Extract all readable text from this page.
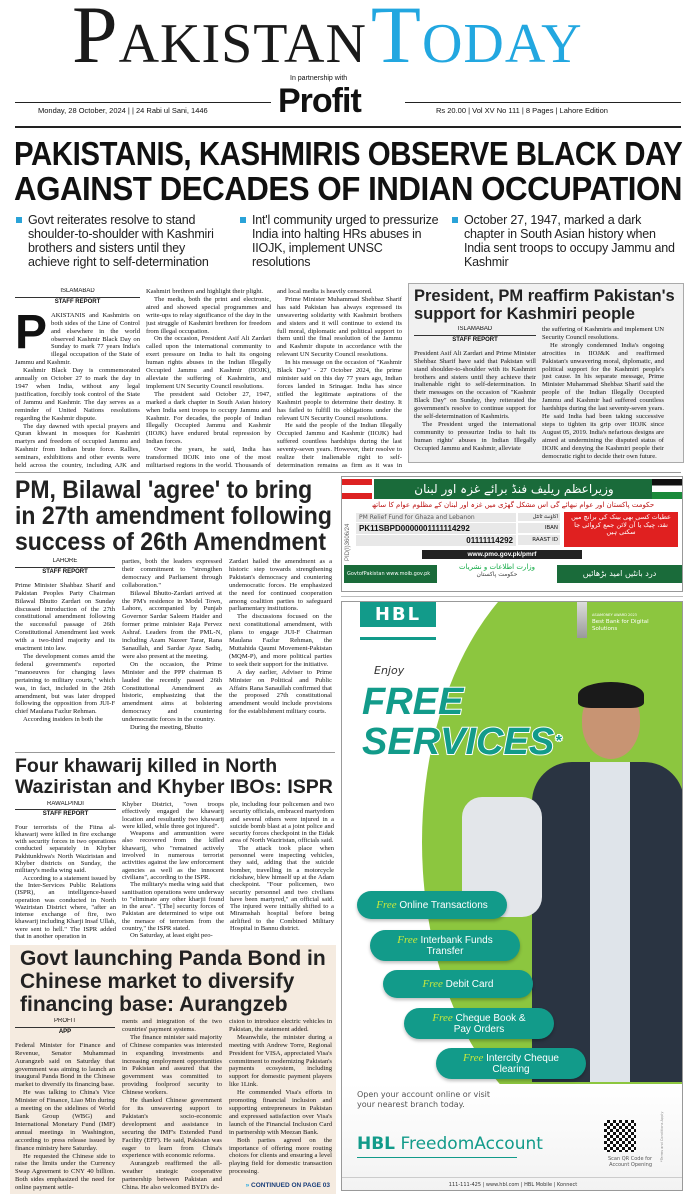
PAKISTAN TODAY
In partnership with
Profit
Monday, 28 October, 2024 | | 24 Rabi ul Sani, 1446	Rs 20.00 | Vol XV No 111 | 8 Pages | Lahore Edition
PAKISTANIS, KASHMIRIS OBSERVE BLACK DAY
AGAINST DECADES OF INDIAN OCCUPATION
Govt reiterates resolve to stand shoulder-to-shoulder with Kashmiri brothers and sisters until they achieve right to self-determination
Int'l community urged to pressurize India into halting HRs abuses in IIOJK, implement UNSC resolutions
October 27, 1947, marked a dark chapter in South Asian history when India sent troops to occupy Jammu and Kashmir
ISLAMABAD
STAFF REPORT
P AKISTANIS and Kashmiris on both sides of the Line of Control and elsewhere in the world observed Kashmir Black Day on Sunday to mark 77 years India's illegal occupation of the State of Jammu and Kashmir.

Kashmir Black Day is commemorated annually on October 27 to mark the day in 1947 when India, without any legal justification, forcibly took control of the State of Jammu and Kashmir. The day serves as a reminder of United Nations resolutions regarding the Kashmir dispute.

The day dawned with special prayers and Quran khwani in mosques for Kashmiri martyrs and freedom of occupied Jammu and Kashmir from Indian brute force. Rallies, seminars, exhibitions and other events were held across the country, including AJK and

Kashmiri brethren and highlight their plight.

The media, both the print and electronic, aired and showed special programmes and write-ups to relay significance of the day in the just struggle of Kashmiri brethren for freedom from illegal occupation.

On the occasion, President Asif Ali Zardari called upon the international community to exert pressure on India to halt its ongoing human rights abuses in the Indian Illegally Occupied Jammu and Kashmir (IIOJK), alleviate the suffering of Kashmiris, and implement UN Security Council resolutions.

The president said October 27, 1947, marked a dark chapter in South Asian history when India sent troops to occupy Jammu and Kashmir. For decades, the people of Indian Illegally Occupied Jammu and Kashmir (IIOJK) have endured brutal repression by Indian forces.

Over the years, he said, India has transformed IIOJK into one of the most militarised regions in the world. Thousands of

and local media is heavily censored.

Prime Minister Muhammad Shehbaz Sharif has said Pakistan has always expressed its unwavering solidarity with Kashmiri brothers and sisters and it will continue to extend its full moral, diplomatic and political support to them until the final resolution of the Jammu and Kashmir dispute in accordance with the relevant UN Security Council resolutions.

In his message on the occasion of "Kashmir Black Day" - 27 October 2024, the prime minister said on this day 77 years ago, Indian forces landed in Srinagar. India has since stifled the legitimate aspirations of the Kashmiri people to determine their destiny. It has failed to fulfill its obligations under the relevant UN Security Council resolutions.

He said the people of the Indian Illegally Occupied Jammu and Kashmir (IIOJK) had suffered countless hardships during the last seventy-seven years. However, their resolve to realize their inalienable right to self-determination remains as firm as it was in

President, PM reaffirm Pakistan's support for Kashmiri people
ISLAMABAD
STAFF REPORT

President Asif Ali Zardari and Prime Minister Shehbaz Sharif have said that Pakistan will stand shoulder-to-shoulder with its Kashmiri brothers and sisters until they achieve their inalienable right to self-determination. In their messages on the occasion of "Kashmir Black Day" on Sunday, they reiterated the government's resolve to continue support for the self-determination of Kashmiris.

The President urged the international community to pressurize India to halt its human rights' abuses in Indian Illegally Occupied Jammu and Kashmir, alleviate

the suffering of Kashmiris and implement UN Security Council resolutions.

He strongly condemned India's ongoing atrocities in IIOJ&K and reaffirmed Pakistan's unwavering moral, diplomatic, and political support for the Kashmiri people's just cause. In his separate message, Prime Minister Muhammad Shehbaz Sharif said the people of the Indian Illegally Occupied Jammu and Kashmir had suffered countless hardships during the last seventy-seven years. He said India had been taking successive steps to tighten its grip over IIOJK since August 05, 2019. India's nefarious designs are aimed at undermining the disputed status of IIOJK and denying the Kashmiri people their democratic right to decide their own future.

PM, Bilawal 'agree' to bring in 27th amendment following success of 26th Amendment
LAHORE
STAFF REPORT

Prime Minister Shahbaz Sharif and Pakistan Peoples Party Chairman Bilawal Bhutto Zardari on Sunday discussed introduction of the 27th constitutional amendment following the successful passage of 26th Constitutional Amendment last week with a two-third majority and its enactment into law.

The development comes amid the federal government's reported "manoeuvres for changing laws pertaining to military courts," which was, in fact, included in the 26th amendment, but was later dropped following the opposition from JUI-F chief Maulana Fazlur Rehman.

According insiders in both the

parties, both the leaders expressed their commitment to "strengthen democracy and Parliament through collaboration."

Bilawal Bhutto-Zardari arrived at the PM's residence in Model Town, Lahore, accompanied by Punjab Governor Sardar Saleem Haider and former prime minister Raja Pervez Ashraf. Leaders from the PML-N, including Azam Nazeer Tarar, Rana Sanaullah, and Sardar Ayaz Sadiq, were also present at the meeting.

On the occasion, the Prime Minister and the PPP chairman B lauded the recently passed 26th Constitutional Amendment as historic, emphasizing that the amendment aims at bolstering democracy and countering undemocratic forces in the country.

During the meeting, Bhutto

Zardari hailed the amendment as a historic step towards strengthening Pakistan's democracy and countering undemocratic forces. He emphasized the need for continued cooperation among coalition parties to safeguard parliamentary institutions.

The discussions focused on the next constitutional amendment, with plans to engage JUI-F Chairman Maulana Fazlur Rehman, the Muttahida Qaumi Movement-Pakistan (MQM-P), and more political parties to seek their support for the initiative.

A day earlier, Adviser to Prime Minister on Political and Public Affairs Rana Sanaullah confirmed that the proposed 27th constitutional amendment would include provisions for the establishment military courts.

وزیراعظم ریلیف فنڈ برائے غزہ اور لبنان
حکومت پاکستان اور عوام نبھائے گی اس مشکل گھڑی میں غزہ اور لبنان کے مظلوم عوام کا ساتھ
PM Relief Fund for Ghaza and Lebanon	اکاؤنٹ ٹائٹل
PK11SBPD0000001111114292	IBAN
01111114292	RAAST ID
عطیات کسی بھی بینک کی برانچ میں نقد، چیک یا آن لائن جمع کروائی جا سکتی ہیں
www.pmo.gov.pk/pmrf
GovtofPakistan www.moib.gov.pk
وزارت اطلاعات و نشریات
حکومت پاکستان	درد بانٹیں امید بڑھائیں
PID(I)3606/24
HBL	ASIAMONEY AWARD 2023
Best Bank for Digital Solutions
Enjoy
FREE
SERVICES*
Free Online Transactions
Free Interbank Funds Transfer
Free Debit Card
Free Cheque Book & Pay Orders
Free Intercity Cheque Clearing
Open your account online or visit your nearest branch today.
HBL FreedomAccount
Scan QR Code for Account Opening
*Terms and Conditions Apply
111-111-425 | www.hbl.com | HBL Mobile | Konnect
Four khawarij killed in North Waziristan and Khyber IBOs: ISPR
RAWALPINDI
STAFF REPORT

Four terrorists of the Fitna al-khawarij were killed in fire exchange with security forces in two operations conducted separately in Khyber Pakhtunkhwa's North Waziristan and Khyber districts on Sunday, the military's media wing said.

According to a statement issued by the Inter-Services Public Relations (ISPR), an intelligence-based operation was conducted in North Waziristan District where, "after an intense exchange of fire, two khawarij including Kharji Insaf Ullah, were sent to hell." The ISPR added that in another operation in

Khyber District, "own troops effectively engaged the khawarij location and resultantly two khawarij were killed, while three got injured".

Weapons and ammunition were also recovered from the killed khawarij, who "remained actively involved in numerous terrorist activities against the law enforcement agencies as well as the innocent civilians", according to the ISPR.

The military's media wing said that sanitisation operations were underway to "eliminate any other kharjii found in the area". "[The] security forces of Pakistan are determined to wipe out the menace of terrorism from the country," the ISPR stated.

On Saturday, at least eight peo-

ple, including four policemen and two security officials, embraced martyrdom and several others were injured in a suicide bomb blast at a joint police and security forces checkpoint in the Eidak area of North Waziristan, officials said.

The attack took place when personnel were inspecting vehicles, they said, adding that the suicide bomber, travelling in a motorcycle rickshaw, blew himself up at the Adam checkpoint. "Four policemen, two security personnel and two civilians have been martyred," an official said. The injured were initially shifted to a Miramshah hospital before being airlifted to the Combined Military Hospital in Bannu district.

Govt launching Panda Bond in Chinese market to diversify financing base: Aurangzeb
PROFIT
APP

Federal Minister for Finance and Revenue, Senator Muhammad Aurangzeb said on Saturday that government was aiming to launch an inaugural Panda Bond in the Chinese market to diversify its financing base.

He was talking to China's Vice Minister of Finance, Liao Min during a meeting on the sidelines of World Bank Group (WBG) and International Monetary Fund (IMF) annual meetings in Washington, according to press release issued by finance ministry here Saturday.

He requested the Chinese side to raise the limits under the Currency Swap Agreement to CNY 40 billion. Both sides emphasized the need for online payment settle-

ments and integration of the two countries' payment systems.

The finance minister said majority of Chinese companies was interested in expanding investments and increasing employment opportunities in Pakistan and assured that the government was committed to providing foolproof security to Chinese workers.

He thanked Chinese government for its unwavering support to Pakistan's socio-economic development and assistance in securing the IMF's Extended Fund Facility (EFF). He said, Pakistan was eager to learn from China's experience with economic reforms.

Aurangzeb reaffirmed the all-weather strategic cooperative partnership between Pakistan and China. He also welcomed BYD's de-

cision to introduce electric vehicles in Pakistan, the statement added.

Meanwhile, the minister during a meeting with Andrew Torre, Regional President for VISA, appreciated Visa's commitment to modernizing Pakistan's payments ecosystem, including support for domestic payment players like 1Link.

He commended Visa's efforts in promoting financial inclusion and supporting entrepreneurs in Pakistan and expressed satisfaction over Visa's launch of the Financial Inclusion Card in partnership with Meezan Bank.

Both parties agreed on the importance of offering more routing choices for clients and ensuring a level playing field for domestic transaction processing.

» CONTINUED ON PAGE 03
